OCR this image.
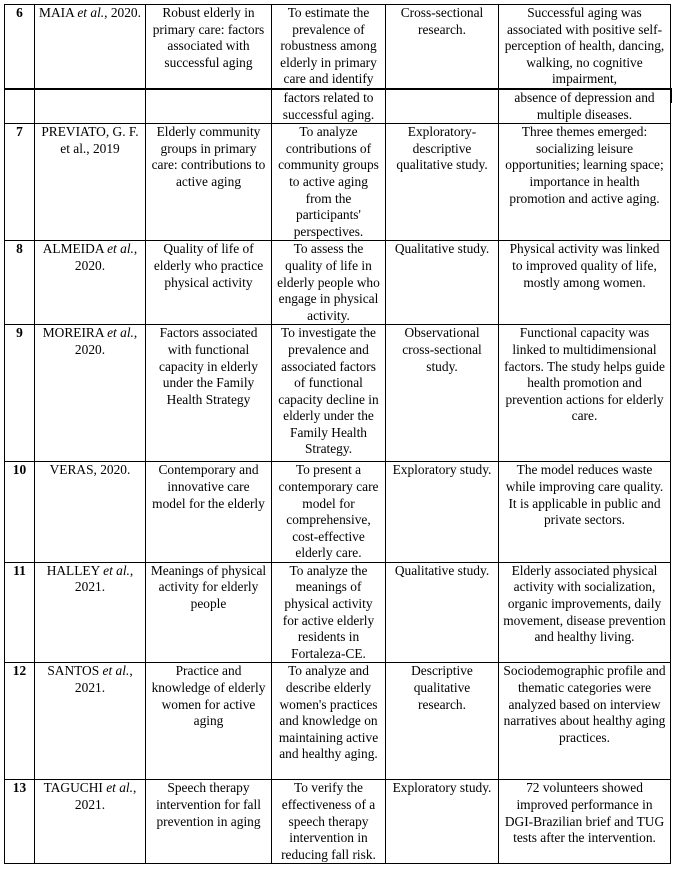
6	MAIA et al., 2020.	Robust elderly in primary care: factors associated with successful aging	To estimate the prevalence of robustness among elderly in primary care and identify	Cross-sectional research.	Successful aging was associated with positive self-perception of health, dancing, walking, no cognitive impairment,
			factors related to successful aging.		absence of depression and multiple diseases.
7	PREVIATO, G. F. et al., 2019	Elderly community groups in primary care: contributions to active aging	To analyze contributions of community groups to active aging from the participants' perspectives.	Exploratory-descriptive qualitative study.	Three themes emerged: socializing leisure opportunities; learning space; importance in health promotion and active aging.
8	ALMEIDA et al., 2020.	Quality of life of elderly who practice physical activity	To assess the quality of life in elderly people who engage in physical activity.	Qualitative study.	Physical activity was linked to improved quality of life, mostly among women.
9	MOREIRA et al., 2020.	Factors associated with functional capacity in elderly under the Family Health Strategy	To investigate the prevalence and associated factors of functional capacity decline in elderly under the Family Health Strategy.	Observational cross-sectional study.	Functional capacity was linked to multidimensional factors. The study helps guide health promotion and prevention actions for elderly care.
10	VERAS, 2020.	Contemporary and innovative care model for the elderly	To present a contemporary care model for comprehensive, cost-effective elderly care.	Exploratory study.	The model reduces waste while improving care quality. It is applicable in public and private sectors.
11	HALLEY et al., 2021.	Meanings of physical activity for elderly people	To analyze the meanings of physical activity for active elderly residents in Fortaleza-CE.	Qualitative study.	Elderly associated physical activity with socialization, organic improvements, daily movement, disease prevention and healthy living.
12	SANTOS et al., 2021.	Practice and knowledge of elderly women for active aging	To analyze and describe elderly women's practices and knowledge on maintaining active and healthy aging.	Descriptive qualitative research.	Sociodemographic profile and thematic categories were analyzed based on interview narratives about healthy aging practices.
13	TAGUCHI et al., 2021.	Speech therapy intervention for fall prevention in aging	To verify the effectiveness of a speech therapy intervention in reducing fall risk.	Exploratory study.	72 volunteers showed improved performance in DGI-Brazilian brief and TUG tests after the intervention.
